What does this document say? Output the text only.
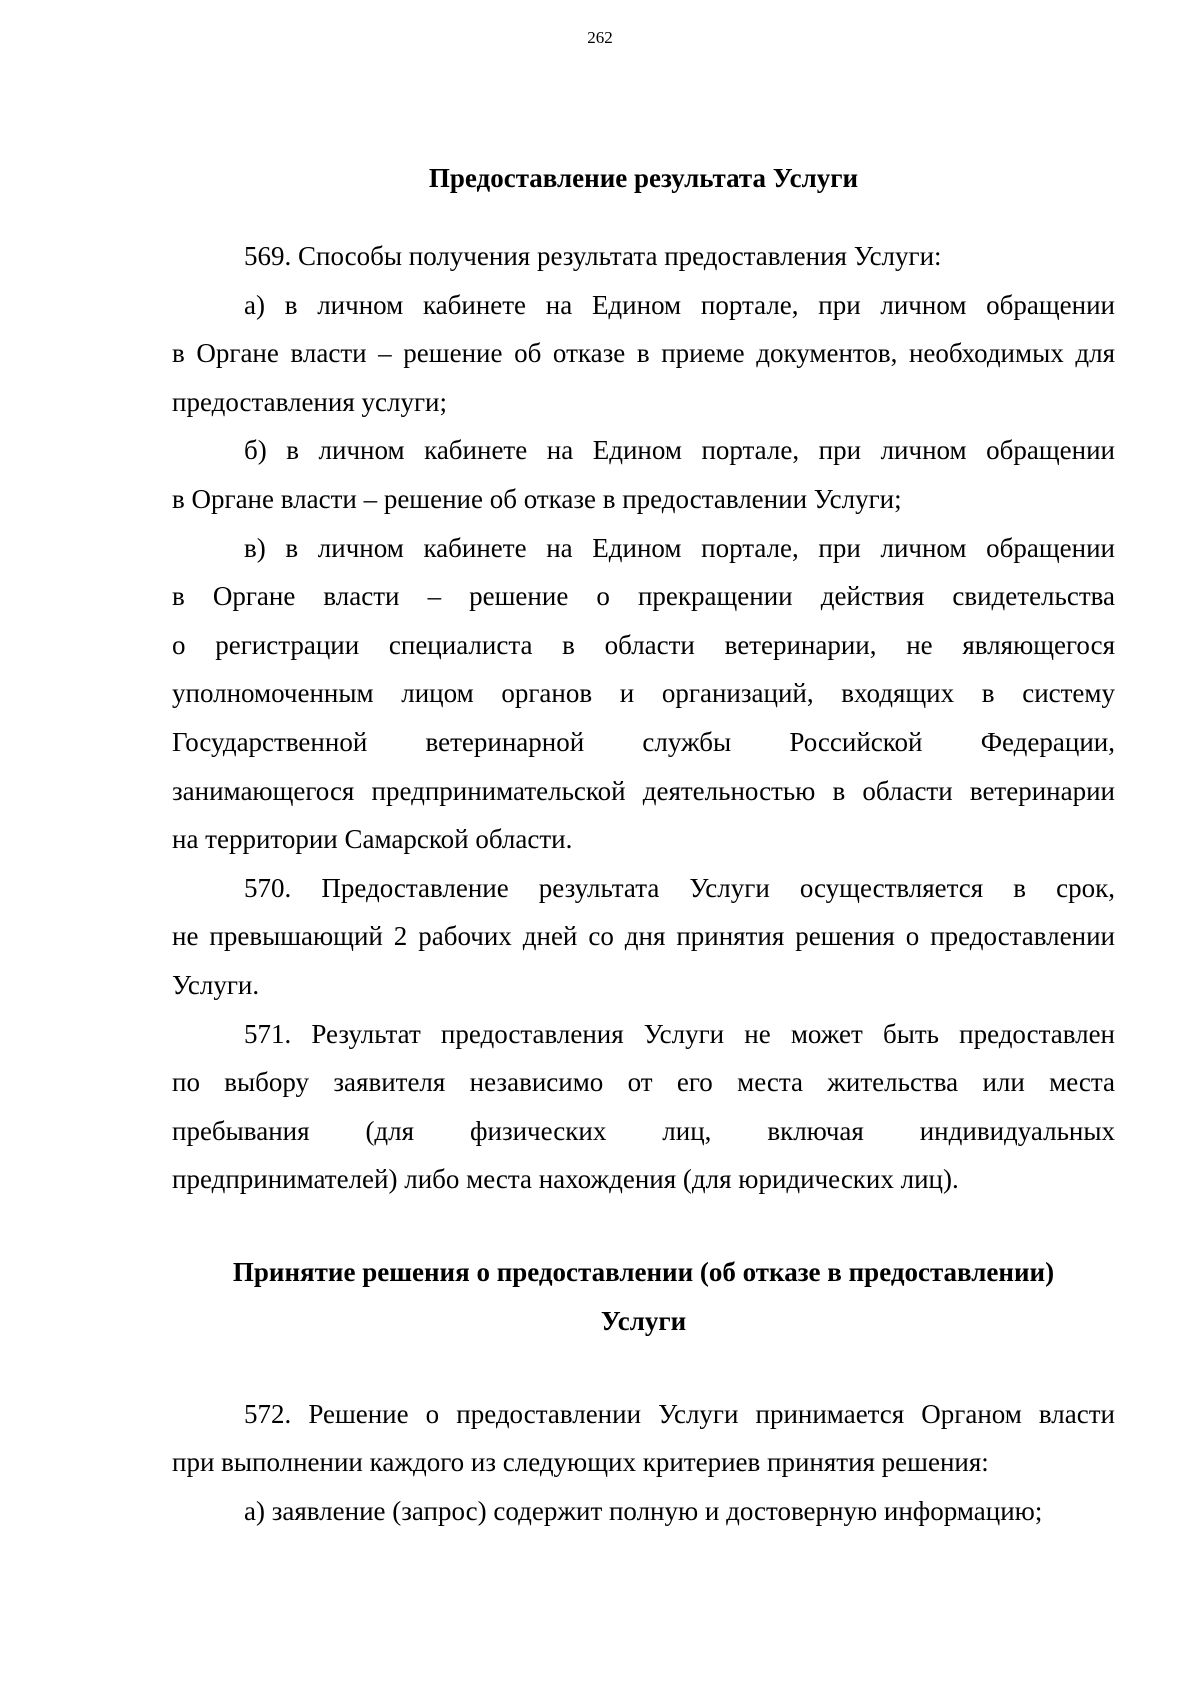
262
Предоставление результата Услуги
569. Способы получения результата предоставления Услуги:
а) в личном кабинете на Едином портале, при личном обращении
в Органе власти – решение об отказе в приеме документов, необходимых для
предоставления услуги;
б) в личном кабинете на Едином портале, при личном обращении
в Органе власти – решение об отказе в предоставлении Услуги;
в) в личном кабинете на Едином портале, при личном обращении
в Органе власти – решение о прекращении действия свидетельства
о регистрации специалиста в области ветеринарии, не являющегося
уполномоченным лицом органов и организаций, входящих в систему
Государственной ветеринарной службы Российской Федерации,
занимающегося предпринимательской деятельностью в области ветеринарии
на территории Самарской области.
570. Предоставление результата Услуги осуществляется в срок,
не превышающий 2 рабочих дней со дня принятия решения о предоставлении
Услуги.
571. Результат предоставления Услуги не может быть предоставлен
по выбору заявителя независимо от его места жительства или места
пребывания (для физических лиц, включая индивидуальных
предпринимателей) либо места нахождения (для юридических лиц).
Принятие решения о предоставлении (об отказе в предоставлении)
Услуги
572. Решение о предоставлении Услуги принимается Органом власти
при выполнении каждого из следующих критериев принятия решения:
а) заявление (запрос) содержит полную и достоверную информацию;
